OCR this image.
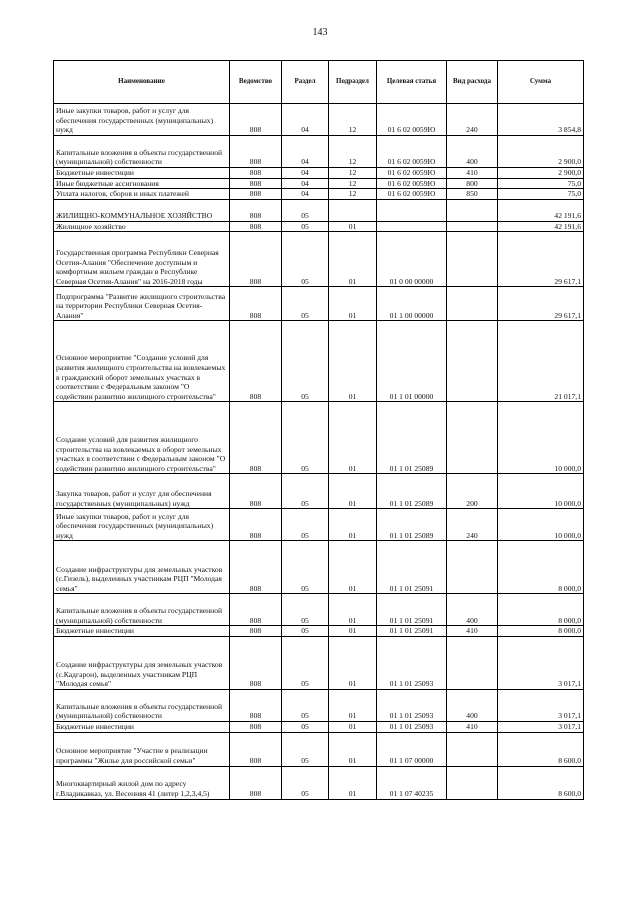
143
Наименование	Ведомство	Раздел	Подраздел	Целевая статья	Вид расхода	Сумма
Иные закупки товаров, работ и услуг для обеспечения государственных (муниципальных) нужд	808	04	12	01 6 02 0059Ю	240	3 854,8
Капитальные вложения в объекты государственной (муниципальной) собственности	808	04	12	01 6 02 0059Ю	400	2 900,0
Бюджетные инвестиции	808	04	12	01 6 02 0059Ю	410	2 900,0
Иные бюджетные ассигнования	808	04	12	01 6 02 0059Ю	800	75,0
Уплата налогов, сборов и иных платежей	808	04	12	01 6 02 0059Ю	850	75,0
ЖИЛИЩНО-КОММУНАЛЬНОЕ ХОЗЯЙСТВО	808	05				42 191,6
Жилищное хозяйство	808	05	01			42 191,6
Государственная программа Республики Северная Осетия-Алания "Обеспечение доступным и комфортным жильем граждан в Республике Северная Осетия-Алания" на 2016-2018 годы	808	05	01	01 0 00 00000		29 617,1
Подпрограмма "Развитие жилищного строительства на территории Республики Северная Осетия-Алания"	808	05	01	01 1 00 00000		29 617,1
Основное мероприятие "Создание условий для развития жилищного строительства на вовлекаемых в гражданский оборот земельных участках в соответствии с Федеральным законом "О содействии развитию жилищного строительства"	808	05	01	01 1 01 00000		21 017,1
Создание условий для развития жилищного строительства на вовлекаемых в оборот земельных участках в соответствии с Федеральным законом "О содействии развитию жилищного строительства"	808	05	01	01 1 01 25089		10 000,0
Закупка товаров, работ и услуг для обеспечения государственных (муниципальных) нужд	808	05	01	01 1 01 25089	200	10 000,0
Иные закупки товаров, работ и услуг для обеспечения государственных (муниципальных) нужд	808	05	01	01 1 01 25089	240	10 000,0
Создание инфраструктуры для земельных участков (с.Гизель), выделенных участникам РЦП "Молодая семья"	808	05	01	01 1 01 25091		8 000,0
Капитальные вложения в объекты государственной (муниципальной) собственности	808	05	01	01 1 01 25091	400	8 000,0
Бюджетные инвестиции	808	05	01	01 1 01 25091	410	8 000,0
Создание инфраструктуры для земельных участков (с.Кадгарон), выделенных участникам РЦП "Молодая семья"	808	05	01	01 1 01 25093		3 017,1
Капитальные вложения в объекты государственной (муниципальной) собственности	808	05	01	01 1 01 25093	400	3 017,1
Бюджетные инвестиции	808	05	01	01 1 01 25093	410	3 017,1
Основное мероприятие "Участие в реализации программы "Жилье для российской семьи"	808	05	01	01 1 07 00000		8 600,0
Многоквартирный жилой дом по адресу г.Владикавказ, ул. Весенняя 41 (литер 1,2,3,4,5)	808	05	01	01 1 07 40235		8 600,0
